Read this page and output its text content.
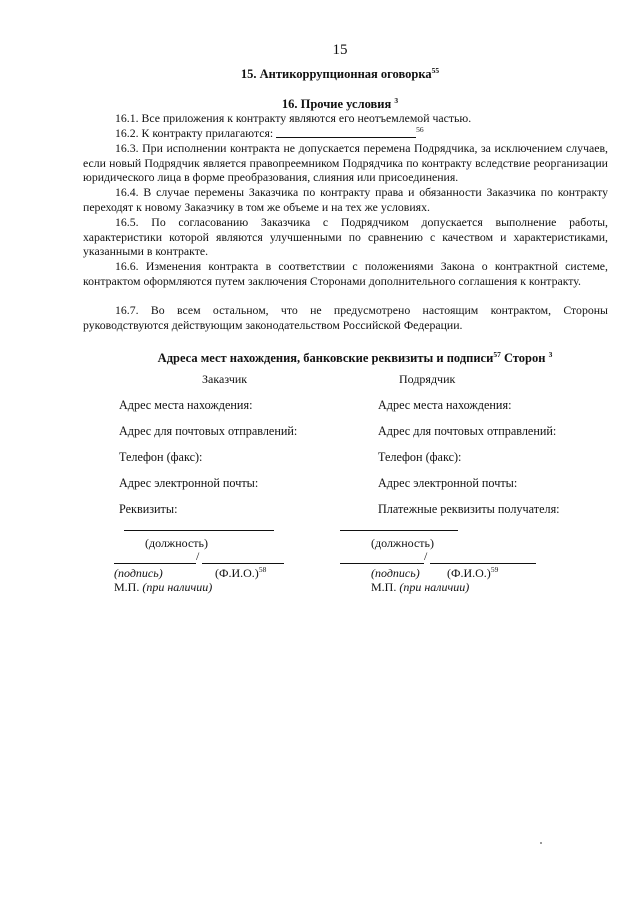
15
15. Антикоррупционная оговорка$^{55}$
16. Прочие условия $^3$
16.1. Все приложения к контракту являются его неотъемлемой частью.
16.2. К контракту прилагаются:	$^{56}$
16.3. При исполнении контракта не допускается перемена Подрядчика, за исключением случаев, если новый Подрядчик является правопреемником Подрядчика по контракту вследствие реорганизации юридического лица в форме преобразования, слияния или присоединения.
16.4. В случае перемены Заказчика по контракту права и обязанности Заказчика по контракту переходят к новому Заказчику в том же объеме и на тех же условиях.
16.5. По согласованию Заказчика с Подрядчиком допускается выполнение работы, характеристики которой являются улучшенными по сравнению с качеством и характеристиками, указанными в контракте.
16.6. Изменения контракта в соответствии с положениями Закона о контрактной системе, контрактом оформляются путем заключения Сторонами дополнительного соглашения к контракту.
16.7. Во всем остальном, что не предусмотрено настоящим контрактом, Стороны руководствуются действующим законодательством Российской Федерации.
Адреса мест нахождения, банковские реквизиты и подписи$^{57}$ Сторон $^3$
Заказчик
Адрес места нахождения:
Адрес для почтовых отправлений:
Телефон (факс):
Адрес электронной почты:
Реквизиты:
(должность)
/
(подпись)	$(Ф.И.О.)^{58}$
М.П. (при наличии)
Подрядчик
Адрес места нахождения:
Адрес для почтовых отправлений:
Телефон (факс):
Адрес электронной почты:
Платежные реквизиты получателя:
(должность)
/
(подпись) $(Ф.И.О.)^{59}$
М.П. (при наличии)
